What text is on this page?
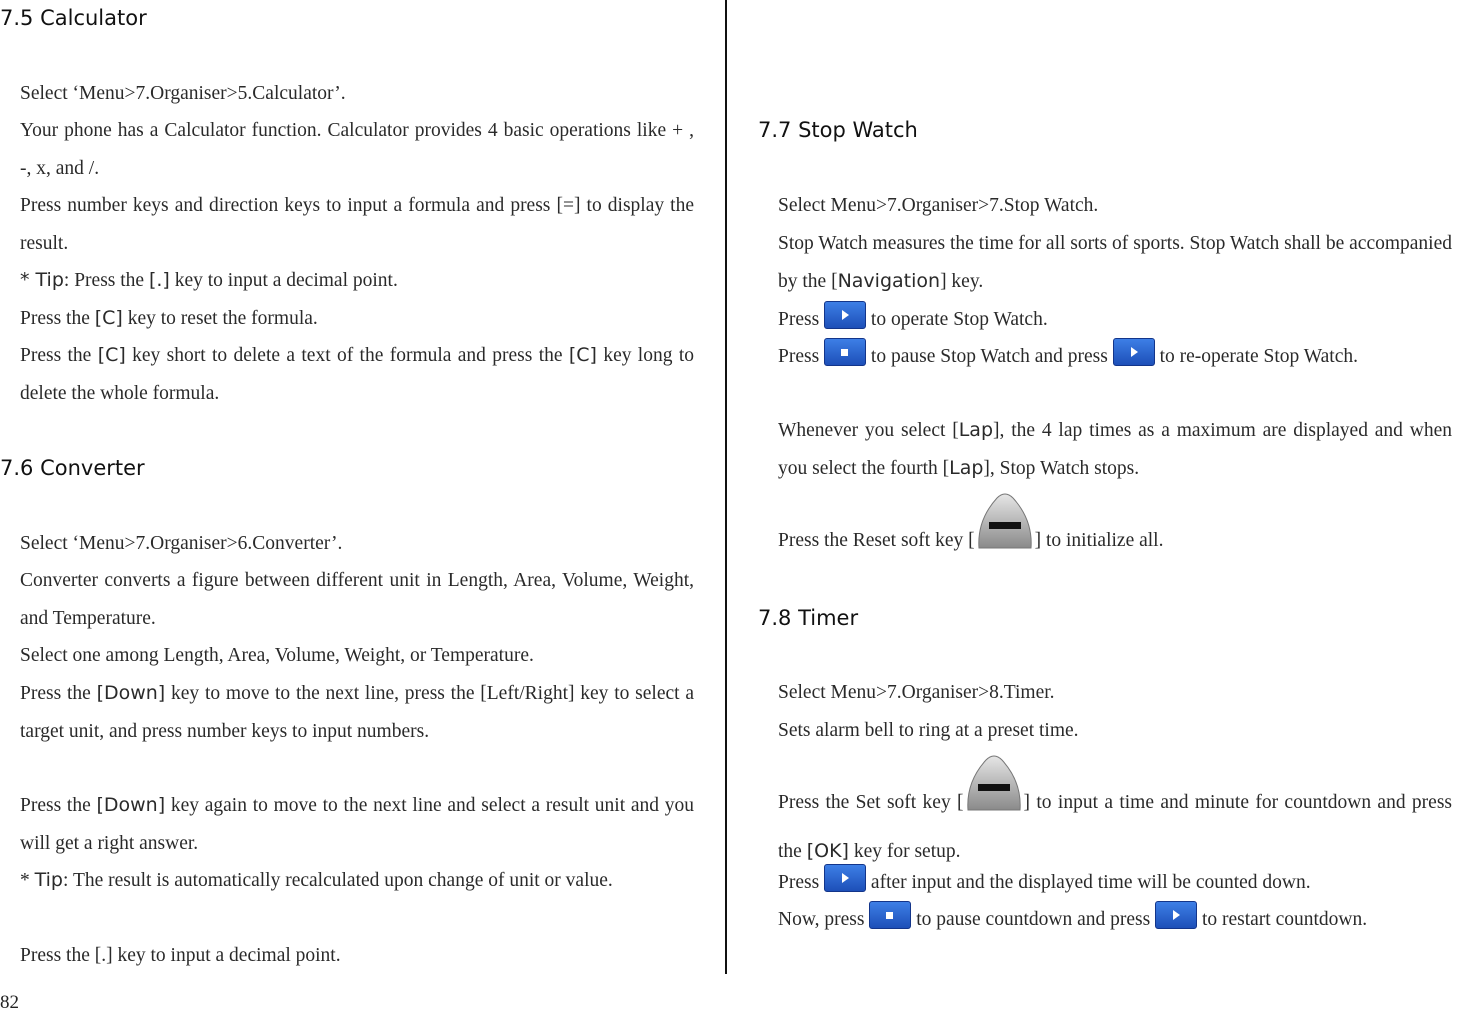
7.5 Calculator
Select ‘Menu>7.Organiser>5.Calculator’.
Your phone has a Calculator function. Calculator provides 4 basic operations like + , -, x, and /.
Press number keys and direction keys to input a formula and press [=] to display the result.
* Tip: Press the [.] key to input a decimal point.
Press the [C] key to reset the formula.
Press the [C] key short to delete a text of the formula and press the [C] key long to delete the whole formula.
7.6 Converter
Select ‘Menu>7.Organiser>6.Converter’.
Converter converts a figure between different unit in Length, Area, Volume, Weight, and Temperature.
Select one among Length, Area, Volume, Weight, or Temperature.
Press the [Down] key to move to the next line, press the [Left/Right] key to select a target unit, and press number keys to input numbers.
Press the [Down] key again to move to the next line and select a result unit and you will get a right answer.
* Tip: The result is automatically recalculated upon change of unit or value.
Press the [.] key to input a decimal point.
7.7 Stop Watch
Select Menu>7.Organiser>7.Stop Watch.
Stop Watch measures the time for all sorts of sports. Stop Watch shall be accompanied by the [Navigation] key.
Press  to operate Stop Watch.
Press  to pause Stop Watch and press  to re-operate Stop Watch.
Whenever you select [Lap], the 4 lap times as a maximum are displayed and when you select the fourth [Lap], Stop Watch stops.
Press the Reset soft key [	] to initialize all.
7.8 Timer
Select Menu>7.Organiser>8.Timer.
Sets alarm bell to ring at a preset time.
Press the Set soft key [	] to input a time and minute for countdown and press the [OK] key for setup.
Press  after input and the displayed time will be counted down.
Now, press  to pause countdown and press  to restart countdown.
82
